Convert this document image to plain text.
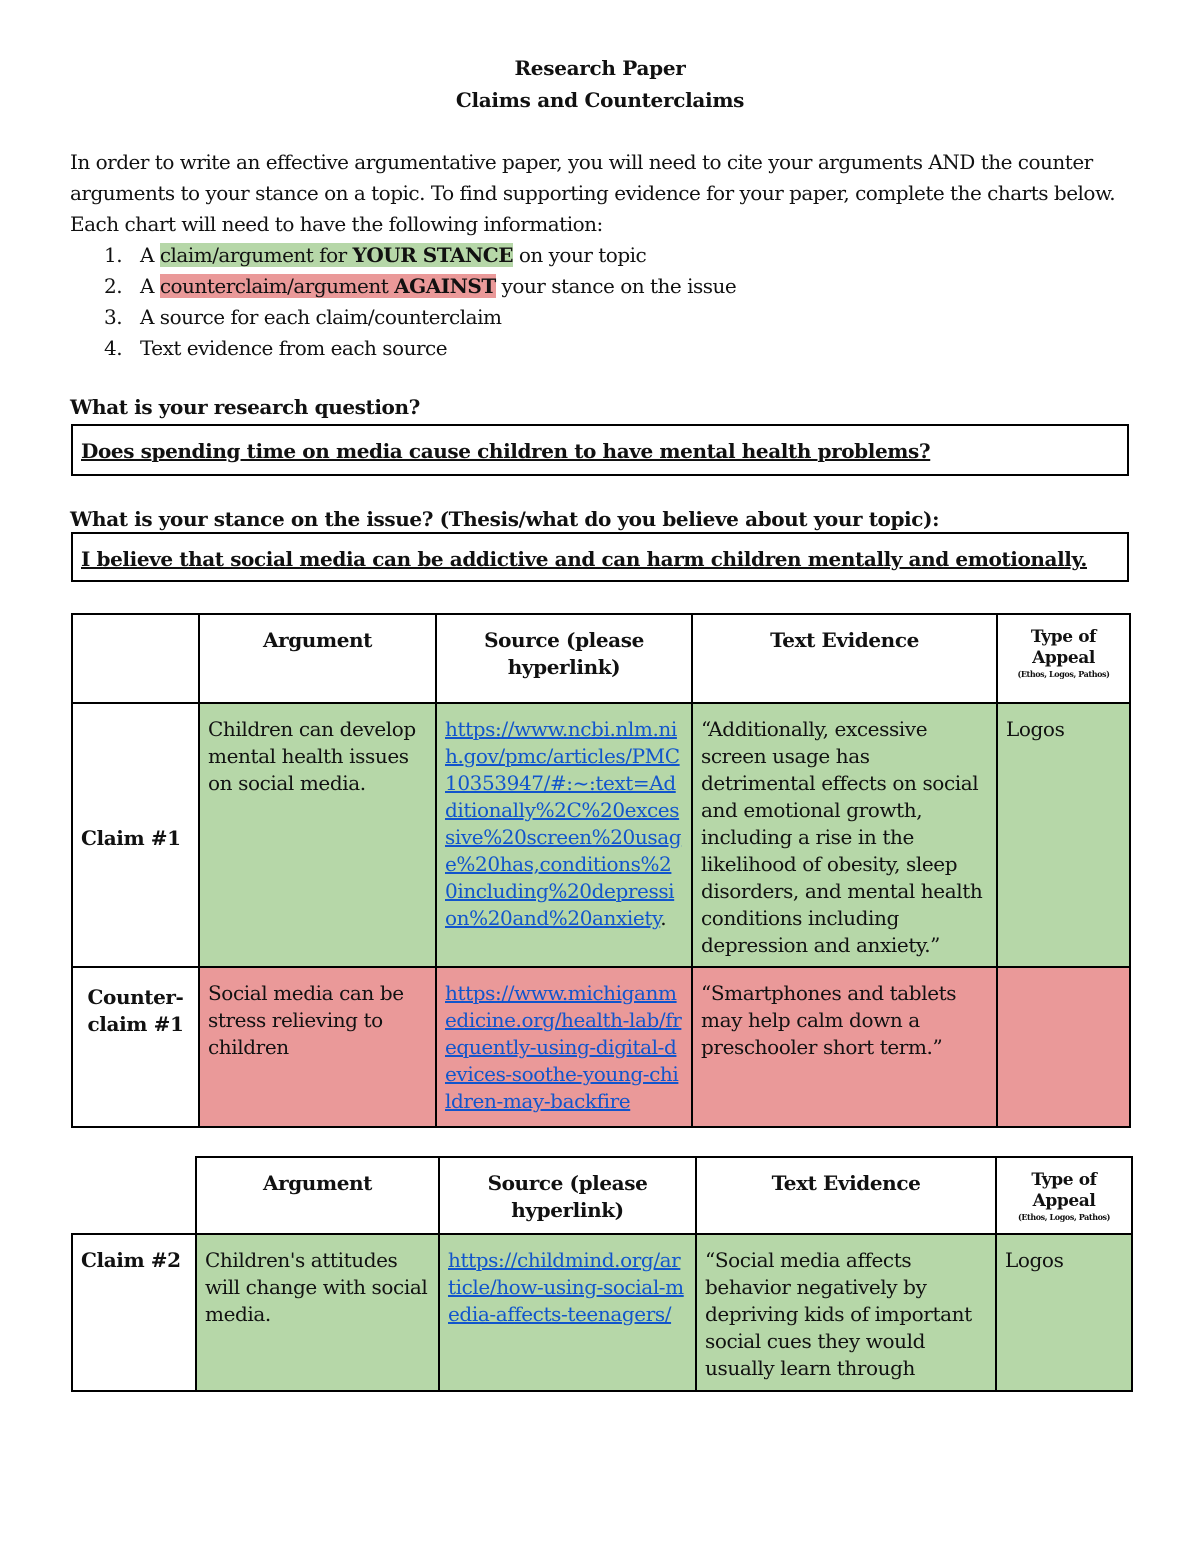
Research Paper
Claims and Counterclaims
In order to write an effective argumentative paper, you will need to cite your arguments AND the counter arguments to your stance on a topic. To find supporting evidence for your paper, complete the charts below. Each chart will need to have the following information:
1. A claim/argument for YOUR STANCE on your topic
2. A counterclaim/argument AGAINST your stance on the issue
3. A source for each claim/counterclaim
4. Text evidence from each source
What is your research question?
Does spending time on media cause children to have mental health problems?
What is your stance on the issue? (Thesis/what do you believe about your topic):
I believe that social media can be addictive and can harm children mentally and emotionally.
	Argument	Source (please hyperlink)	Text Evidence	Type of Appeal
(Ethos, Logos, Pathos)

Claim #1	Children can develop mental health issues on social media.	https://www.ncbi.nlm.nih.gov/pmc/articles/PMC10353947/#:~:text=Additionally%2C%20excessive%20screen%20usage%20has,conditions%20including%20depression%20and%20anxiety.	“Additionally, excessive screen usage has detrimental effects on social and emotional growth, including a rise in the likelihood of obesity, sleep disorders, and mental health conditions including depression and anxiety.”	Logos
Counter-claim #1	Social media can be stress relieving to children	https://www.michiganmedicine.org/health-lab/frequently-using-digital-devices-soothe-young-children-may-backfire	“Smartphones and tablets may help calm down a preschooler short term.”	
	Argument	Source (please hyperlink)	Text Evidence	Type of Appeal
(Ethos, Logos, Pathos)

Claim #2	Children's attitudes will change with social media.	https://childmind.org/article/how-using-social-media-affects-teenagers/	“Social media affects behavior negatively by depriving kids of important social cues they would usually learn through	Logos
